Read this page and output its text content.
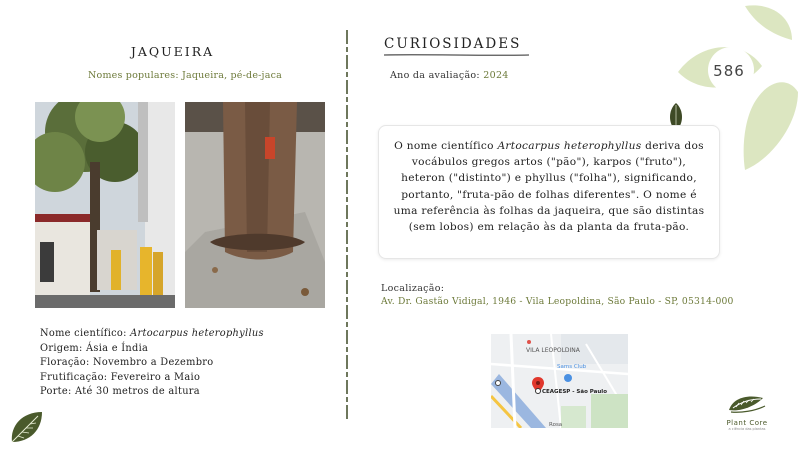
586
JAQUEIRA
Nomes populares: Jaqueira, pé-de-jaca
Nome científico: Artocarpus heterophyllus
Origem: Ásia e Índia
Floração: Novembro a Dezembro
Frutificação: Fevereiro a Maio
Porte: Até 30 metros de altura
CURIOSIDADES
Ano da avaliação: 2024

O nome científico Artocarpus heterophyllus deriva dos vocábulos gregos artos ("pão"), karpos ("fruto"), heteron ("distinto") e phyllus ("folha"), significando, portanto, "fruta-pão de folhas diferentes". O nome é uma referência às folhas da jaqueira, que são distintas (sem lobos) em relação às da planta da fruta-pão.

Localização:
Av. Dr. Gastão Vidigal, 1946 - Vila Leopoldina, São Paulo - SP, 05314-000
VILA LEOPOLDINA
Sams Club
CEAGESP - São Paulo
Rosa	Plant Core
a ciência das plantas
